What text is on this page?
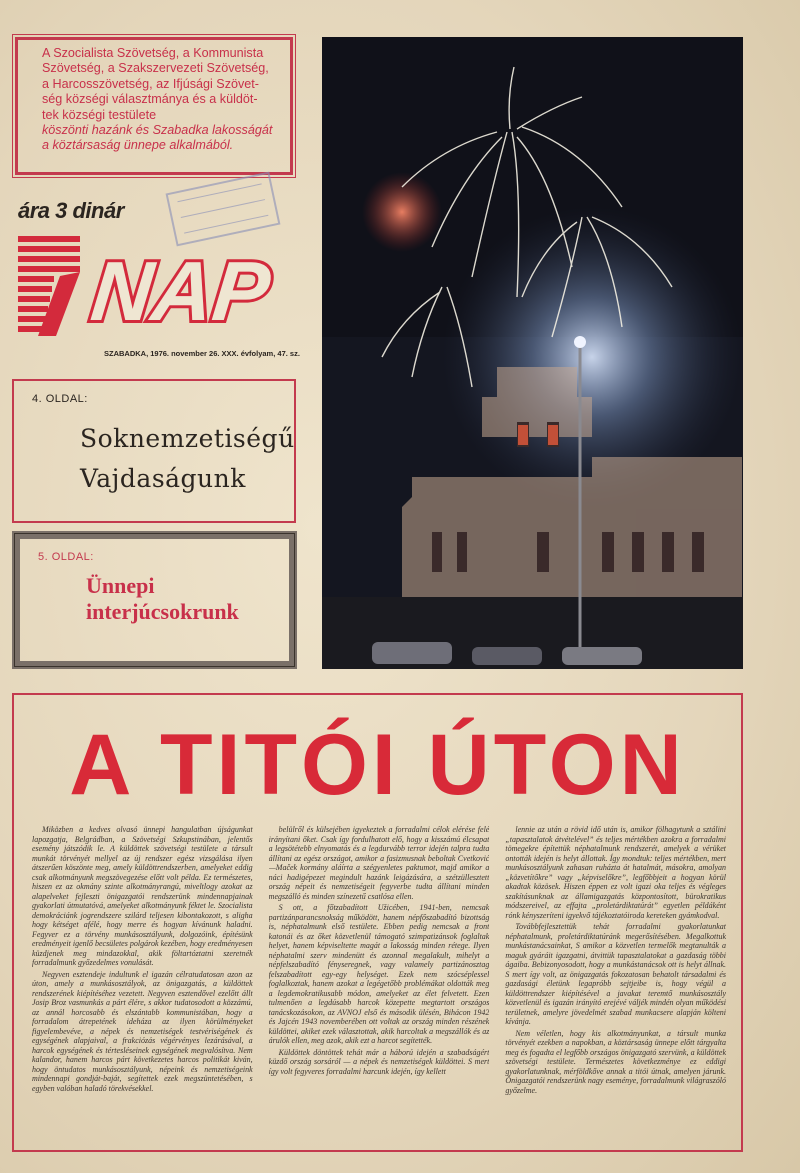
A Szocialista Szövetség, a Kommunista
Szövetség, a Szakszervezeti Szövetség,
a Harcosszövetség, az Ifjúsági Szövet-
ség községi választmánya és a küldöt-
tek községi testülete
köszönti hazánk és Szabadka lakosságát
a köztársaság ünnepe alkalmából.
ára 3 dinár
NAP
SZABADKA, 1976. november 26. XXX. évfolyam, 47. sz.
4. OLDAL:
Soknemzetiségű
Vajdaságunk
5. OLDAL:
Ünnepi
interjúcsokrunk
A TITÓI ÚTON

Miközben a kedves olvasó ünnepi hangulatban újságunkat lapozgatja, Belgrádban, a Szövetségi Szkupstinában, jelentős esemény játszódik le. A küldöttek szövetségi testülete a társult munkát törvényét mellyel az új rendszer egész vizsgálása ilyen átszerűen köszönte meg, amely küldöttrendszerben, amelyeket eddig csak alkotmányunk megszövegezése előtt volt példa. Ez természetes, hiszen ez az okmány szinte alkotmányrangú, miveltlogy azokat az alapelveket fejleszti önigazgatói rendszerünk mindennapjainak gyakorlati útmutatóvá, amelyeket alkotmányunk féktet le. Szocialista demokráciánk jogrendszere szilárd teljesen kibontakozott, s aligha hogy kétséget afélé, hogy merre és hogyan kívánunk haladni. Fegyver ez a törvény munkásosztályunk, dolgozóink, építésünk eredményeit igenlő becsületes polgárok kezében, hogy eredményesen küzdjenek meg mindazokkal, akik föltartóztatni szeretnék forradalmunk győzedelmes vonulását.

Negyven esztendeje indultunk el igazán célratudatosan azon az úton, amely a munkásosztályok, az önigazgatás, a küldöttek rendszerének kiépítéséhez vezetett. Negyven esztendővel ezelőtt állt Josip Broz vasmunkás a párt élére, s akkor tudatosodott a közzámú, az annál horcosabb és elszántabb kommunistában, hogy a forradalom átrepetének ideháza az ilyen körülményeket figyelembevéve, a népek és nemzetiségek testvériségének és egységének alapjaival, a frakciózás végérvényes lezárásával, a harcok egységének és tértesléseinek egységének megvalósítva. Nem kalandor, hanem harcos párt következetes harcos politikát kiván, hogy öntudatos munkásosztályunk, népeink és nemzetiségeink mindennapi gondját-baját, segítettek ezek megszüntetésében, s egyben valóban haladó törekvésekkel.

belülről és külsejében igyekeztek a forradalmi célok elérése felé irányítani őket. Csak így fordulhatott elő, hogy a kisszámú élcsapat a legsötétebb elnyomatás és a legdurvább terror idején talpra tudta állítani az egész országot, amikor a fasizmusnak beboltak Cvetković—Maček kormány aláírta a szégyenletes paktumot, majd amikor a náci hadigépezet megindult hazánk leigázására, a szétzüllesztett ország népeit és nemzetiségeit fegyverbe tudta állítani minden megszálló és minden színezetű csatlósa ellen.

S ott, a főtzabadított Užicében, 1941-ben, nemcsak partizánparancsnokság működött, hanem népfőszabadító bizottság is, néphatalmunk első testülete. Ebben pedig nemcsak a front katonái és az őket közvetlenül támogató szimpatizánsok foglaltak helyet, hanem képviseltette magát a lakosság minden rétege. Ilyen néphatalmi szerv mindenütt és azonnal megalakult, mihelyt a népfelszabadító fényseregnek, vagy valamely partizánosztag felszabadított egy-egy helységet. Ezek nem szócséplessel foglalkoztak, hanem azokat a legégetőbb problémákat oldották meg a legdemokratikusabb módon, amelyeket az élet felvetett. Ezen tulmenően a legdúsabb harcok közepette megtartott országos tanácskozásokon, az AVNOJ első és második ülésén, Bihácon 1942 és Jajcén 1943 novemberében ott voltak az ország minden részének küldöttei, akiket ezek választottak, akik harcoltak a megszállók és az árulók ellen, meg azok, akik ezt a harcot segítették.

Küldöttek döntöttek tehát már a háború idején a szabadságért küzdő ország sorsáról — a népek és nemzetiségek küldöttei. S mert így volt fegyveres forradalmi harcunk idején, így kellett

lennie az után a rövid idő után is, amikor fölhagytunk a sztálini „tapasztalatok átvételével” és teljes mértékben azokra a forradalmi tömegekre építettük néphatalmunk rendszerét, amelyek a vérüket ontották idején is helyt állottak. Így mondtuk: teljes mértékben, mert munkásosztályunk zahasan ruházta át hatalmát, másokra, amolyan „közvetítőkre” vagy „képviselőkre”, legfőbbjeit a hogyan körül akadtak közösek. Hiszen éppen ez volt igazi oka teljes és végleges szakításunknak az államigazgatás központosított, bürokratikus módszereivel, az effajta „proletárdiktatúrát” egyetlen példáként rónk kényszeríteni igyekvő tájékoztatóiroda kereteken gyámkodval.

Továbbfejlesztettük tehát forradalmi gyakorlatunkat néphatalmunk, proletárdiktatúránk megerősítésében. Megalkottuk munkástanácsainkat, S amikor a közvetlen termelők megtanulták a maguk gyáráit igazgatni, átvittük tapasztalatokat a gazdaság többi ágaiba. Bebizonyosodott, hogy a munkástanácsok ott is helyt állnak. S mert így volt, az önigazgatás fokozatosan behatolt társadalmi és gazdasági életünk legapróbb sejtjeibe is, hogy végül a küldöttrendszer kiépítésével a javakat teremtő munkásosztály közvetlenül és igazán irányító erejévé váljék mindén olyan működési területnek, amelyre jövedelmét szabad munkacsere alapján költeni kívánja.

Nem véletlen, hogy kis alkotmányunkat, a társult munka törvényét ezekben a napokban, a köztársaság ünnepe előtt tárgyalta meg és fogadta el legfőbb országos önigazgató szervünk, a küldöttek szövetségi testülete. Természetes következménye ez eddigi gyakorlatunknak, mérföldkőve annak a titói útnak, amelyen járunk. Önigazgatói rendszerünk nagy eseménye, forradalmunk világraszóló győzelme.
